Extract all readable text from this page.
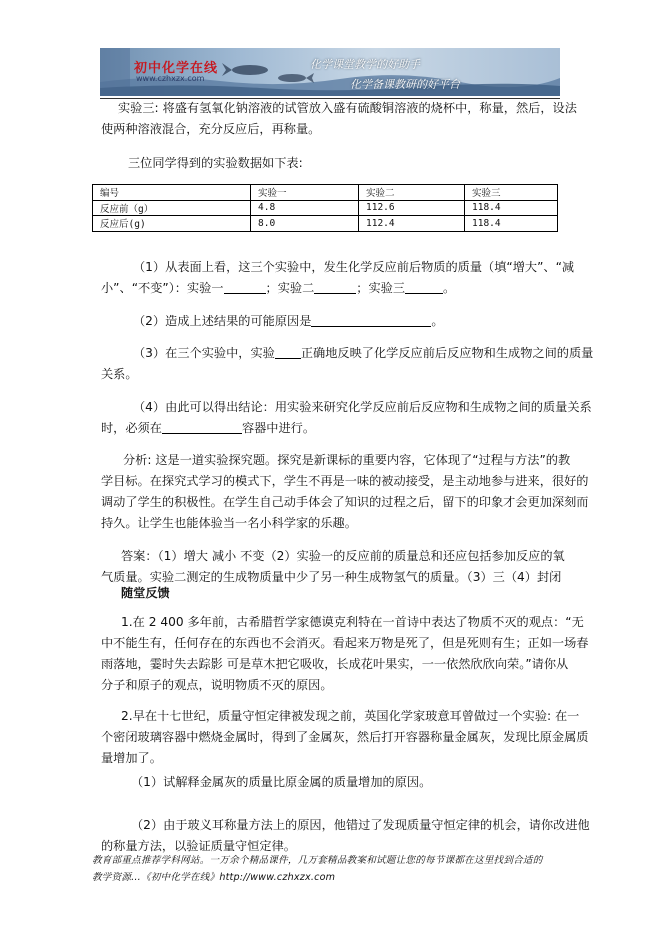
初中化学在线
www.czhxzx.com
化学课堂教学的好助手
化学备课教研的好平台

实验三: 将盛有氢氧化钠溶液的试管放入盛有硫酸铜溶液的烧杯中，称量，然后，设法

使两种溶液混合，充分反应后，再称量。

三位同学得到的实验数据如下表:

编号	实验一	实验二	实验三
反应前（g）	4.8	112.6	118.4
反应后(g)	8.0	112.4	118.4

（1）从表面上看，这三个实验中，发生化学反应前后物质的质量（填“增大”、“减

小”、“不变”）：实验一	；实验二	；实验三	。

（2）造成上述结果的可能原因是	。

（3）在三个实验中，实验 正确地反映了化学反应前后反应物和生成物之间的质量

关系。

（4）由此可以得出结论：用实验来研究化学反应前后反应物和生成物之间的质量关系

时，必须在	容器中进行。

分析: 这是一道实验探究题。探究是新课标的重要内容，它体现了“过程与方法”的教

学目标。在探究式学习的模式下，学生不再是一味的被动接受，是主动地参与进来，很好的

调动了学生的积极性。在学生自己动手体会了知识的过程之后，留下的印象才会更加深刻而

持久。让学生也能体验当一名小科学家的乐趣。

答案：（1）增大 减小 不变（2）实验一的反应前的质量总和还应包括参加反应的氧

气质量。实验二测定的生成物质量中少了另一种生成物氢气的质量。（3）三（4）封闭

随堂反馈

1.在 2 400 多年前，古希腊哲学家德谟克利特在一首诗中表达了物质不灭的观点：“无

中不能生有，任何存在的东西也不会消灭。看起来万物是死了，但是死则有生；正如一场春

雨落地，霎时失去踪影 可是草木把它吸收，长成花叶果实，一一依然欣欣向荣。”请你从

分子和原子的观点，说明物质不灭的原因。

2.早在十七世纪，质量守恒定律被发现之前，英国化学家玻意耳曾做过一个实验: 在一

个密闭玻璃容器中燃烧金属时，得到了金属灰，然后打开容器称量金属灰，发现比原金属质

量增加了。

（1）试解释金属灰的质量比原金属的质量增加的原因。

（2）由于玻义耳称量方法上的原因，他错过了发现质量守恒定律的机会，请你改进他

教育部重点推荐学科网站。一万余个精品课件，几万套精品教案和试题让您的每节课都在这里找到合适的
教学资源…《初中化学在线》http://www.czhxzx.com

的称量方法，以验证质量守恒定律。
